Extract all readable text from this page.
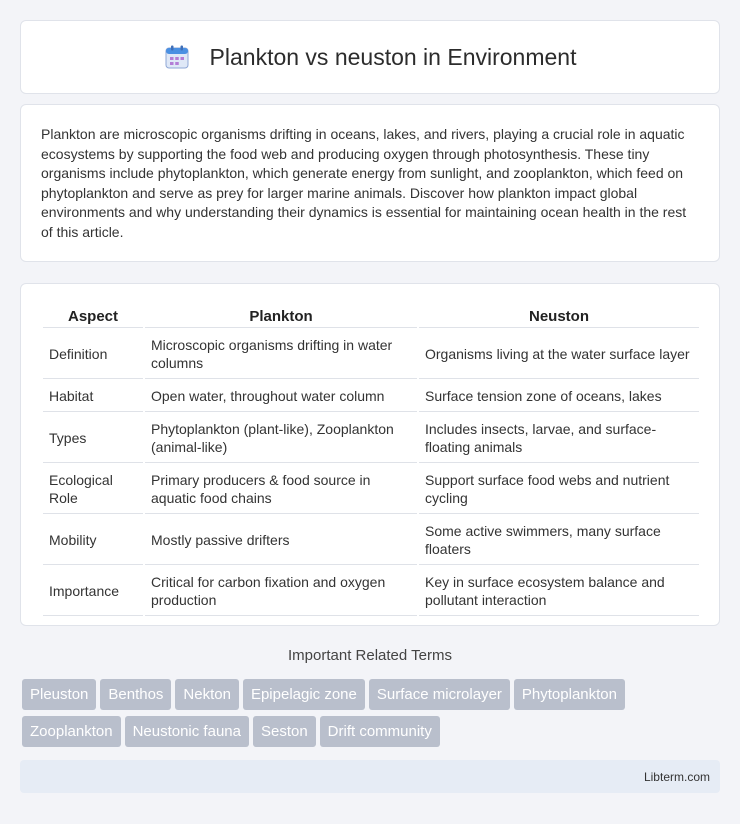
Plankton vs neuston in Environment

Plankton are microscopic organisms drifting in oceans, lakes, and rivers, playing a crucial role in aquatic ecosystems by supporting the food web and producing oxygen through photosynthesis. These tiny organisms include phytoplankton, which generate energy from sunlight, and zooplankton, which feed on phytoplankton and serve as prey for larger marine animals. Discover how plankton impact global environments and why understanding their dynamics is essential for maintaining ocean health in the rest of this article.

Aspect	Plankton	Neuston
Definition	Microscopic organisms drifting in water columns	Organisms living at the water surface layer
Habitat	Open water, throughout water column	Surface tension zone of oceans, lakes
Types	Phytoplankton (plant-like), Zooplankton (animal-like)	Includes insects, larvae, and surface-floating animals
Ecological Role	Primary producers & food source in aquatic food chains	Support surface food webs and nutrient cycling
Mobility	Mostly passive drifters	Some active swimmers, many surface floaters
Importance	Critical for carbon fixation and oxygen production	Key in surface ecosystem balance and pollutant interaction
Important Related Terms
Pleuston Benthos Nekton Epipelagic zone Surface microlayer PhytoplanktonZooplankton Neustonic fauna Seston Drift community
Libterm.com
